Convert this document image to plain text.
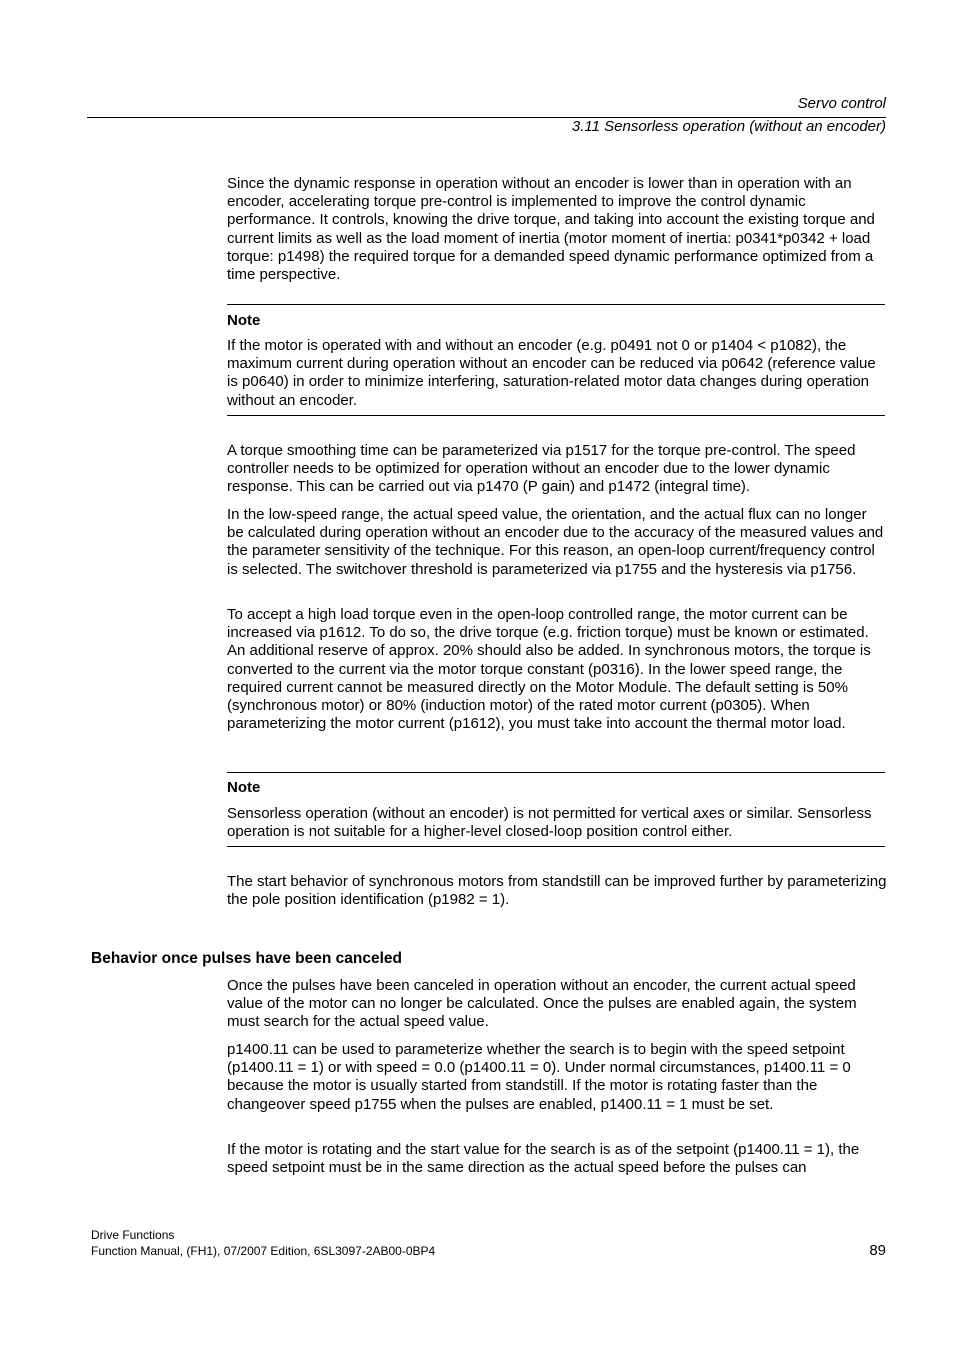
Servo control
3.11 Sensorless operation (without an encoder)

Since the dynamic response in operation without an encoder is lower than in operation with an encoder, accelerating torque pre-control is implemented to improve the control dynamic performance. It controls, knowing the drive torque, and taking into account the existing torque and current limits as well as the load moment of inertia (motor moment of inertia: p0341*p0342 + load torque: p1498) the required torque for a demanded speed dynamic performance optimized from a time perspective.

Note

If the motor is operated with and without an encoder (e.g. p0491 not 0 or p1404 < p1082), the maximum current during operation without an encoder can be reduced via p0642 (reference value is p0640) in order to minimize interfering, saturation-related motor data changes during operation without an encoder.

A torque smoothing time can be parameterized via p1517 for the torque pre-control. The speed controller needs to be optimized for operation without an encoder due to the lower dynamic response. This can be carried out via p1470 (P gain) and p1472 (integral time).

In the low-speed range, the actual speed value, the orientation, and the actual flux can no longer be calculated during operation without an encoder due to the accuracy of the measured values and the parameter sensitivity of the technique. For this reason, an open-loop current/frequency control is selected. The switchover threshold is parameterized via p1755 and the hysteresis via p1756.

To accept a high load torque even in the open-loop controlled range, the motor current can be increased via p1612. To do so, the drive torque (e.g. friction torque) must be known or estimated. An additional reserve of approx. 20% should also be added. In synchronous motors, the torque is converted to the current via the motor torque constant (p0316). In the lower speed range, the required current cannot be measured directly on the Motor Module. The default setting is 50% (synchronous motor) or 80% (induction motor) of the rated motor current (p0305). When parameterizing the motor current (p1612), you must take into account the thermal motor load.

Note

Sensorless operation (without an encoder) is not permitted for vertical axes or similar. Sensorless operation is not suitable for a higher-level closed-loop position control either.

The start behavior of synchronous motors from standstill can be improved further by parameterizing the pole position identification (p1982 = 1).

Behavior once pulses have been canceled

Once the pulses have been canceled in operation without an encoder, the current actual speed value of the motor can no longer be calculated. Once the pulses are enabled again, the system must search for the actual speed value.

p1400.11 can be used to parameterize whether the search is to begin with the speed setpoint (p1400.11 = 1) or with speed = 0.0 (p1400.11 = 0). Under normal circumstances, p1400.11 = 0 because the motor is usually started from standstill. If the motor is rotating faster than the changeover speed p1755 when the pulses are enabled, p1400.11 = 1 must be set.

If the motor is rotating and the start value for the search is as of the setpoint (p1400.11 = 1), the speed setpoint must be in the same direction as the actual speed before the pulses can

Drive Functions
Function Manual, (FH1), 07/2007 Edition, 6SL3097-2AB00-0BP4	89
